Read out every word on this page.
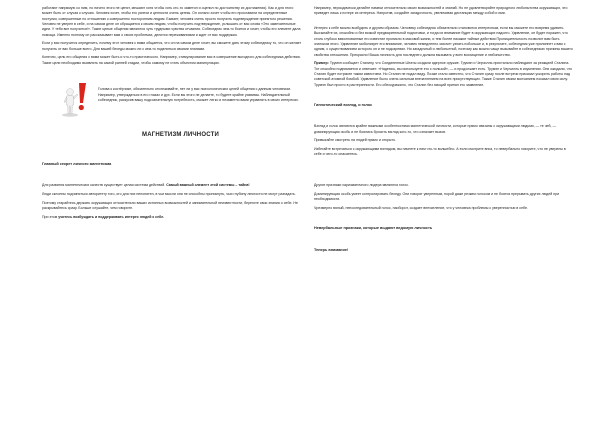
работают напрямую со ним, но ничего этого не ценят, мешают хотя чтобы хоть кто-то заметил и оценил по достоинству их достижения). Как и для этого может быть от случая к случаю. Человек хочет, чтобы его успехи и ценности очень ценны. Он сильно хочет чтобы его прославили на определенные поступки, совершенные по отношению к совершенно посторонним людям. Бывает, человек очень просто получить подтверждение принятого решения. Человек не уверен в себе, и на самом деле он обращается к своим людям, чтобы получить подтверждение, услышать от вас слова «Это замечательные идеи. У тебя все получится!». Такие целые общения являются чуть трудными чувства отчаяния. Собеседник чем-то боится и хочет, чтобы его элемент дала помощи. Именно поэтому он рассказывает вам о своих проблемах, делится переживаниями и ждет от вас поддержки.

Если у вас получится определить, почему этот человек с вами общается, что он на самом деле хочет, вы сможете дать этому собеседнику то, что он желает получить от вас больше всего. Для вашей беседы можно ли с кем-то поделиться своими планами.

Конечно, цель его общения с вами может быть и что-то практического. Например, стимулирование вас в совершение выгодного для собеседника действия. Такие цели необходимо выявлять на самой ранней стадии, чтобы самому не стать объектом манипуляции.

Голова к костёрчике, обязательно отслеживайте, нет ли у вас психологических целей общения с данным человеком. Например, утверждаться в его глазах и дух. Если вы этого не делаете, то будете крайне уязвимы. Наблюдательный собеседник, раскусив вашу подсознательную потребность, сможет легко и незаметно вами управлять в своих интересах.

МАГНЕТИЗМ ЛИЧНОСТИ

Главный секрет личного магнетизма

Для развития магнетических качеств существует целая система действий. Самый важный элемент этой системы – тайна!

Люди склонны подчиняться авторитету того, кто для них непонятен, в чьи мысли они не способны проникнуть, чью глубину личности не могут разгадать.

Поэтому старайтесь держать окружающих относительно ваших истинных возможностей и занимательной неизвестности, берегите свои знания о себе. Не раскрывайтесь сразу. Больше слушайте, чем говорите.

При этом учитесь возбуждать и поддерживать интерес людей к себе.

Например, периодически делайте намеки относительно своих возможностей и знаний. Но не удовлетворяйте природного любопытства окружающих, это приведет лишь к потере их интереса. Напротив, создайте загадочность, увеличивая дистанцию между собой и ими.

Интерес к себе можно возбудить и другим образом. Человеку собеседник обязательно становится интересным, если вы сможете его вовремя удивить. Высыпайте их, спокойно и без всякой предварительной подготовки, и тогда их внимание будет в окружающих надолго. Удивление, он будет поражен, что столь глубоко взволнованные его известие проникло в масовой жизни, и тем более никакие тайные действия Проницательность позволит вам быть знатоком этого. Удивление мобилизует его внимание, человек немедленно захочет узнать побольше и, в результате, собеседник уже прилипнет к вам с одним, с существованием которого он и не подозревал. Ни загадочный и любопытной, поэтому как можно чаще вызывайте в собеседниках причины вашего свойства отношения. Прекрасно! Ваша личность для последнего должна вызывать у всех восхищение и любопытство.

Пример: Трумэн сообщает Сталину, что Соединенные Штаты создали ядерное оружие. Трумэн и Черчилль пристально наблюдают за реакцией Сталина. Тот спокойно поднимается и отвечает: «Надеюсь, вы используете его с пользой», — и продолжает есть. Трумэн и Черчилль в изумлении. Они ожидали, что Сталин будет потрясен таким известием. Но Сталин не подал виду. Позже стало известно, что Сталин сразу после встречи приказал ускорить работы над советской атомной бомбой. Удивление было очень сильным впечатлением на всех присутствующих. Также Сталин своим молчанием показал свою силу. Трумэн был просто в растерянности. Его обескуражило, что Сталин без эмоций принял его заявление.

Гипнотический взгляд, и голос

Взгляд и голос являются крайне важными особенностями магнетической личности, которые прямо связаны с окружающими людьми, — те чей, — доминирующая особь и не боялись бросить взгляд кого-то, что означает вызов.

Привыкайте смотреть на людей прямо и открыто.

Избегайте встречаться с окружающими взглядом, вы начнете к ним что-то волшебно. А если смотрите вниз, то невербально говорите, что не уверены в себе и чего-то опасаетесь.

Другие признаки харизматичного лидера являются голос.

Доминирующая особь умеет контролировать беседу. Они говорят уверенным, порой даже резким голосом и не боятся прерывать других людей при необходимости.

Чрезмерно вялый, непоследовательный голос, наоборот, создает впечатление, что у человека проблемы с уверенностью в себе.

Невербальные признаки, которые выдают ведомую личность

Теперь внимание!
